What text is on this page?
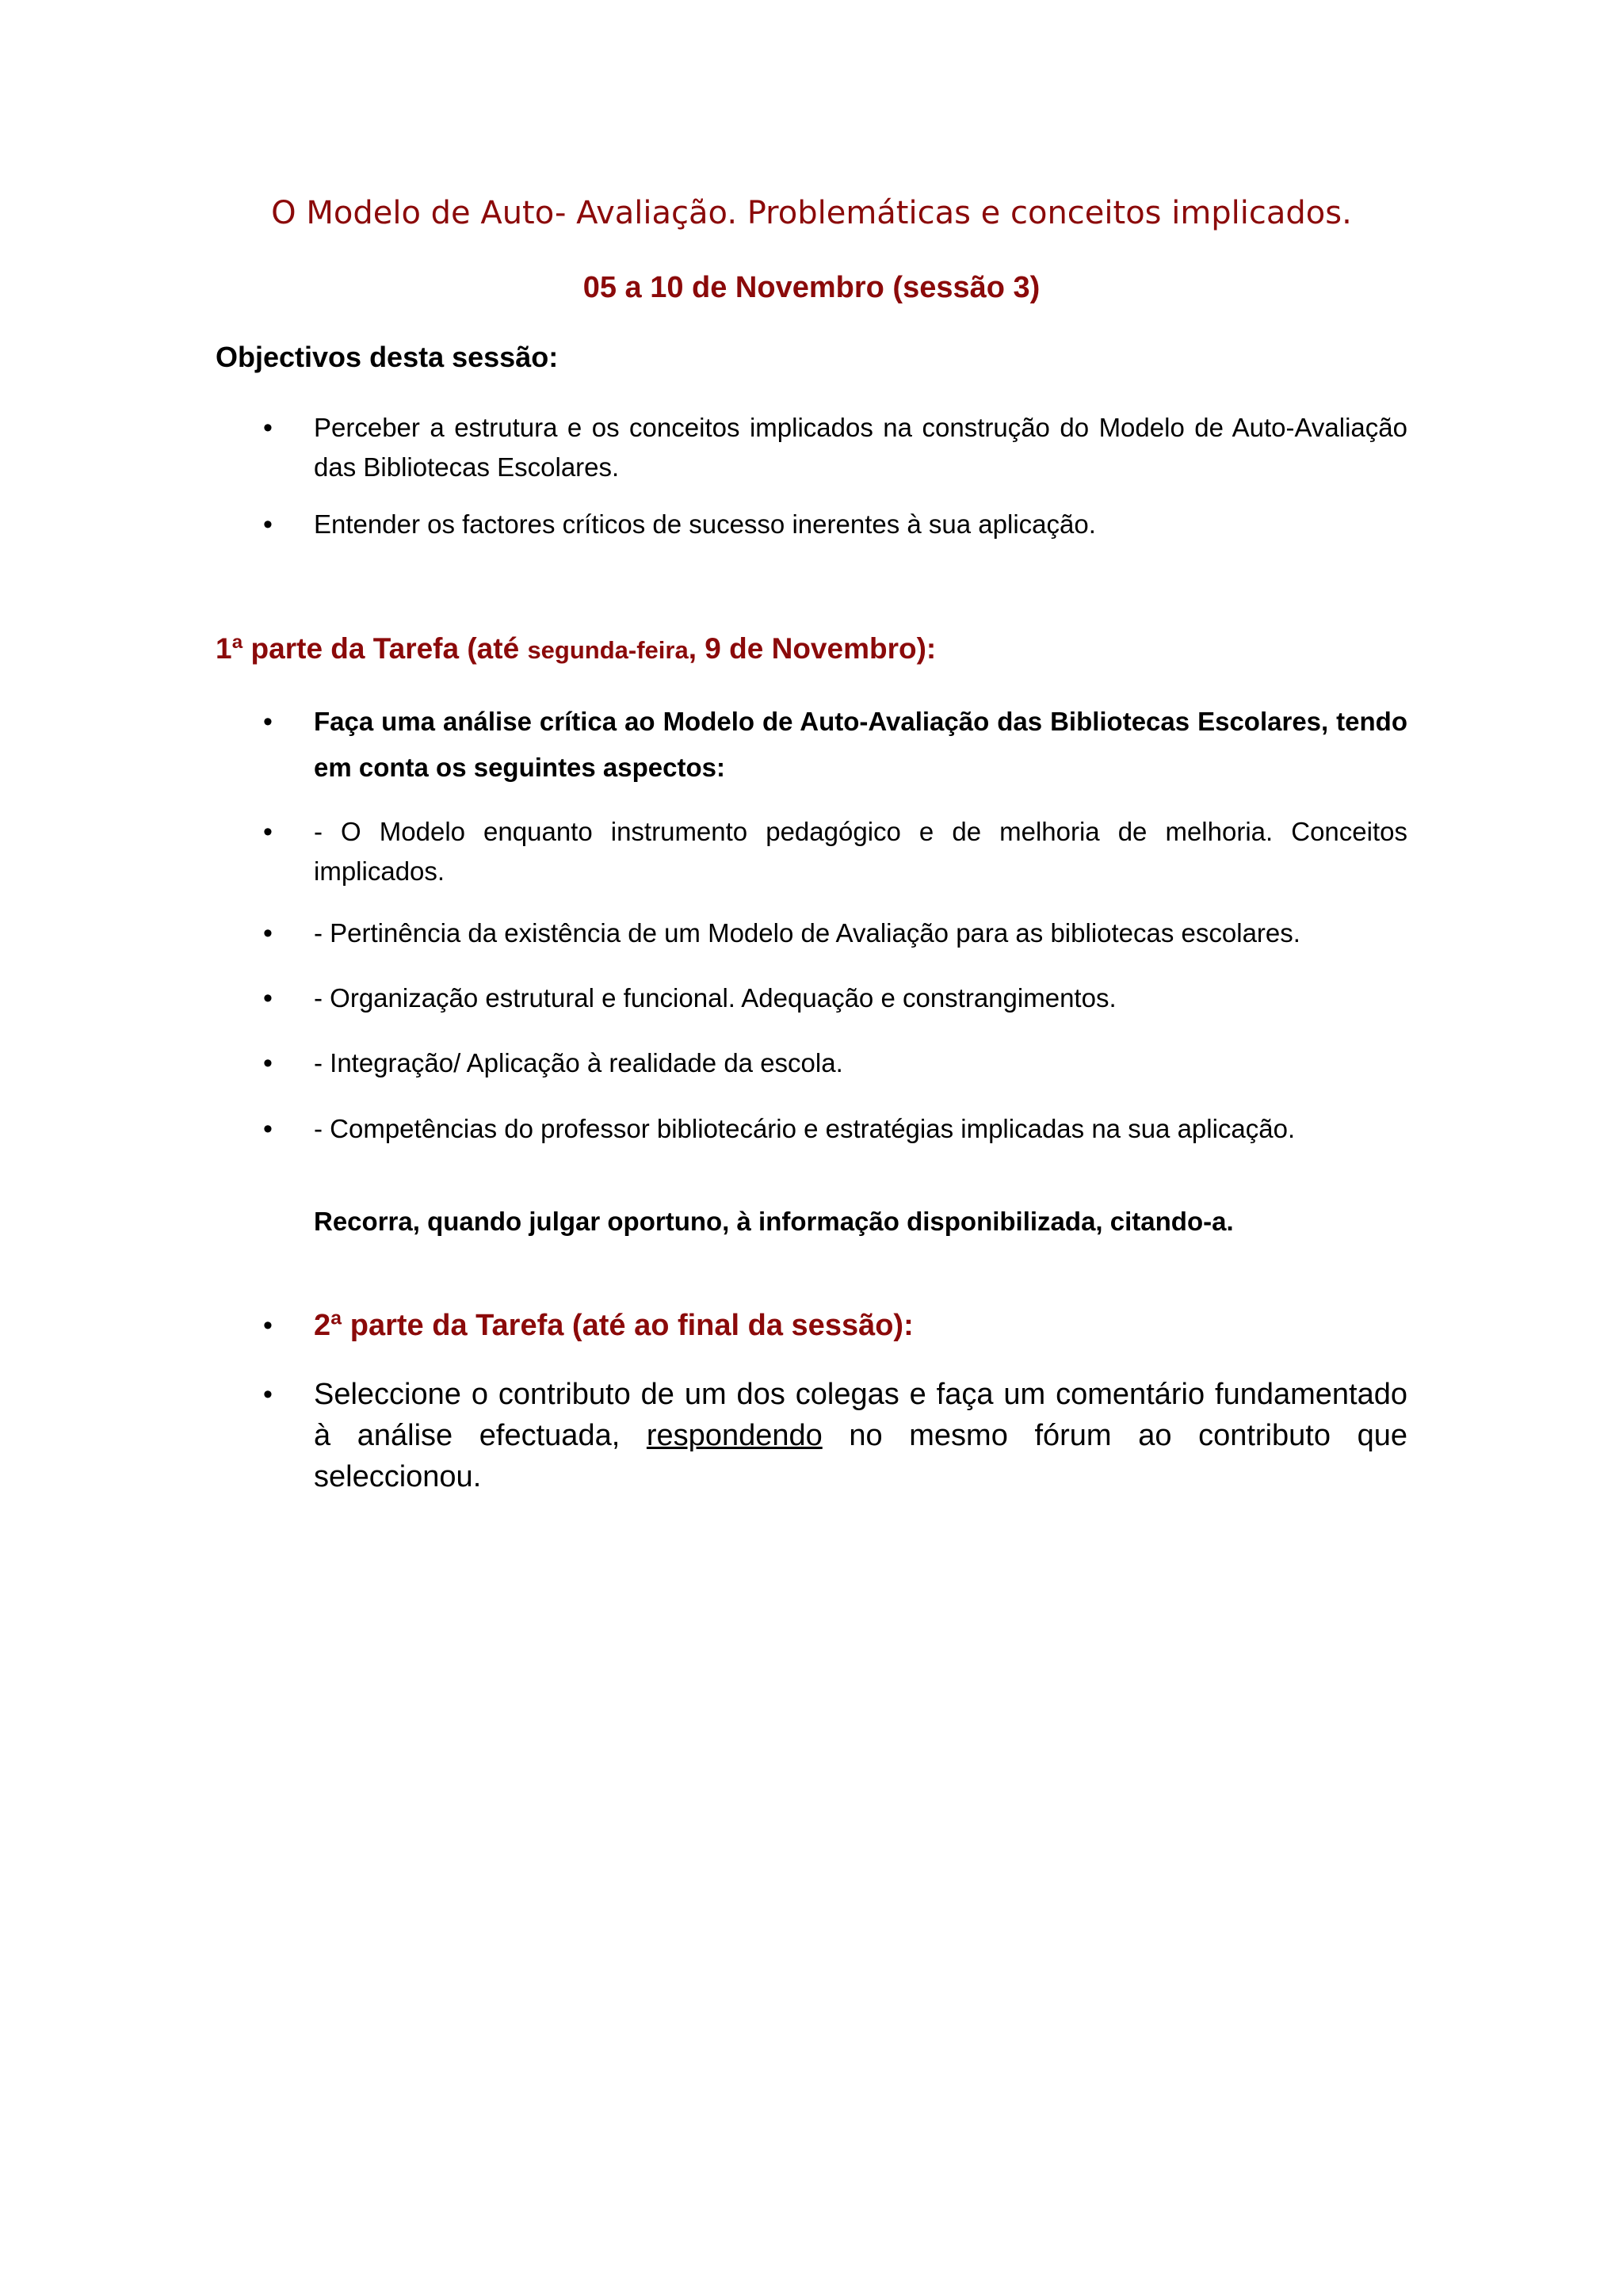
O Modelo de Auto- Avaliação. Problemáticas e conceitos implicados.
05 a 10 de Novembro (sessão 3)
Objectivos desta sessão:
• Perceber a estrutura e os conceitos implicados na construção do Modelo de Auto-Avaliação das Bibliotecas Escolares.
• Entender os factores críticos de sucesso inerentes à sua aplicação.
1ª parte da Tarefa (até segunda-feira, 9 de Novembro):
• Faça uma análise crítica ao Modelo de Auto-Avaliação das Bibliotecas Escolares, tendo em conta os seguintes aspectos:
• - O Modelo enquanto instrumento pedagógico e de melhoria de melhoria. Conceitos implicados.
• - Pertinência da existência de um Modelo de Avaliação para as bibliotecas escolares.
• - Organização estrutural e funcional. Adequação e constrangimentos.
• - Integração/ Aplicação à realidade da escola.
• - Competências do professor bibliotecário e estratégias implicadas na sua aplicação.

Recorra, quando julgar oportuno, à informação disponibilizada, citando-a.

• 2ª parte da Tarefa (até ao final da sessão):
• Seleccione o contributo de um dos colegas e faça um comentário fundamentado à análise efectuada, respondendo no mesmo fórum ao contributo que seleccionou.
